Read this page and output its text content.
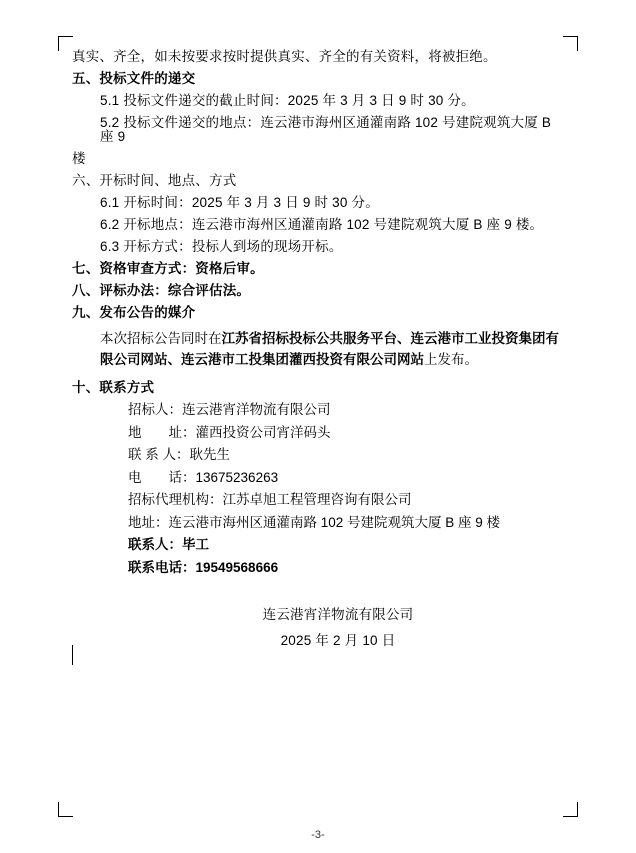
真实、齐全，如未按要求按时提供真实、齐全的有关资料，将被拒绝。
五、投标文件的递交
5.1 投标文件递交的截止时间：2025 年 3 月 3 日 9 时 30 分。
5.2 投标文件递交的地点：连云港市海州区通灌南路 102 号建院观筑大厦 B 座 9
楼
六、开标时间、地点、方式
6.1 开标时间：2025 年 3 月 3 日 9 时 30 分。
6.2 开标地点：连云港市海州区通灌南路 102 号建院观筑大厦 B 座 9 楼。
6.3 开标方式：投标人到场的现场开标。
七、资格审查方式：资格后审。
八、评标办法：综合评估法。
九、发布公告的媒介
本次招标公告同时在江苏省招标投标公共服务平台、连云港市工业投资集团有限公司网站、连云港市工投集团灌西投资有限公司网站上发布。
十、联系方式
招标人：连云港宵洋物流有限公司
地　　址：灌西投资公司宵洋码头
联 系 人：耿先生
电　　话：13675236263
招标代理机构：江苏卓旭工程管理咨询有限公司
地址：连云港市海州区通灌南路 102 号建院观筑大厦 B 座 9 楼
联系人：毕工
联系电话：19549568666
连云港宵洋物流有限公司
2025 年 2 月 10 日
-3-
